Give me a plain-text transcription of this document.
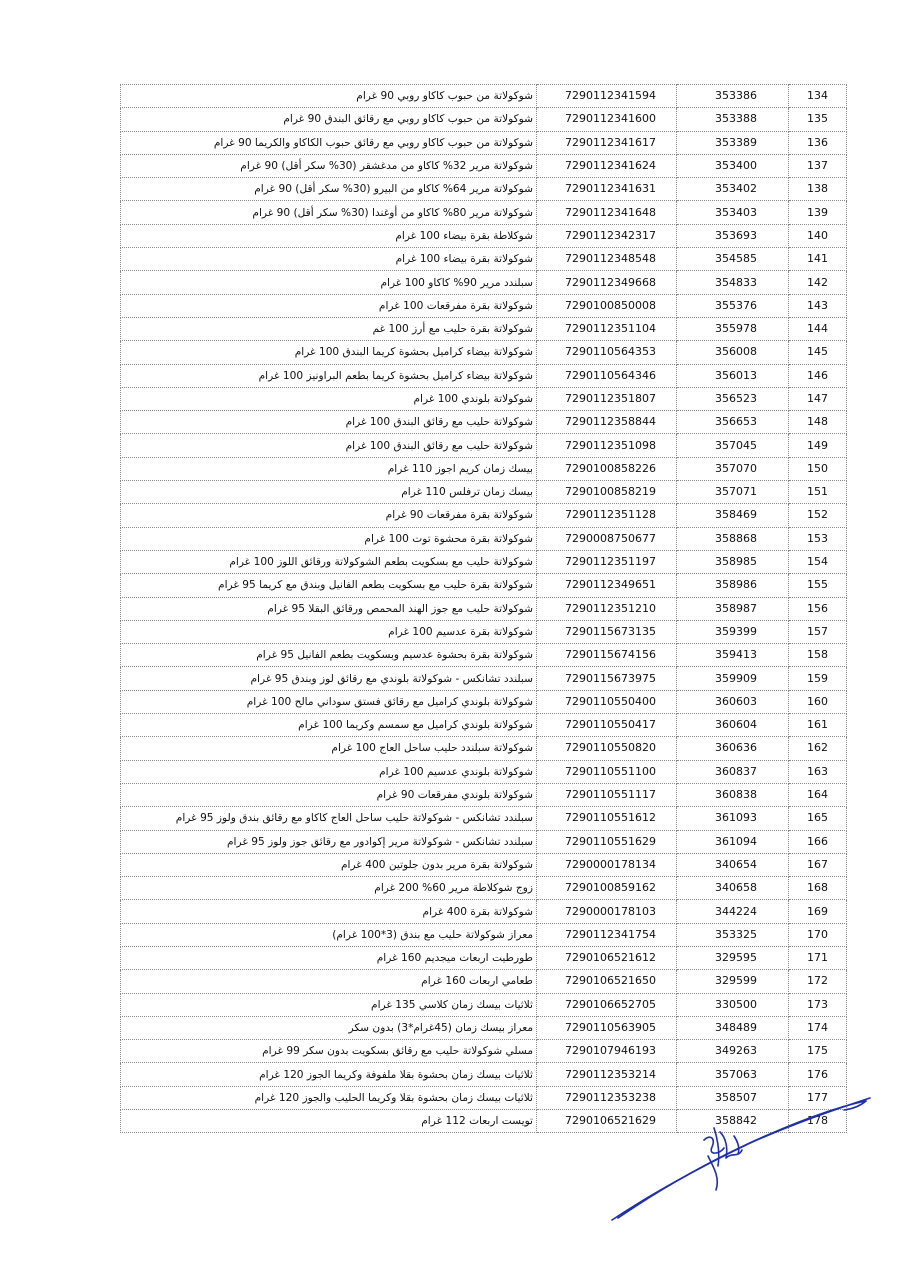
شوكولاتة من حبوب كاكاو روبي 90 غرام	7290112341594	353386	134
شوكولاتة من حبوب كاكاو روبي مع رقائق البندق 90 غرام	7290112341600	353388	135
شوكولاتة من حبوب كاكاو روبي مع رقائق حبوب الكاكاو والكريما 90 غرام	7290112341617	353389	136
شوكولاتة مرير 32% كاكاو من مدغشقر (30% سكر أقل) 90 غرام	7290112341624	353400	137
شوكولاتة مرير 64% كاكاو من البيرو (30% سكر أقل) 90 غرام	7290112341631	353402	138
شوكولاتة مرير 80% كاكاو من أوغندا (30% سكر أقل) 90 غرام	7290112341648	353403	139
شوكلاطة بقرة بيضاء 100 غرام	7290112342317	353693	140
شوكولاتة بقرة بيضاء 100 غرام	7290112348548	354585	141
سبلندد مرير 90% كاكاو 100 غرام	7290112349668	354833	142
شوكولاتة بقرة مفرقعات 100 غرام	7290100850008	355376	143
شوكولاتة بقرة حليب مع أرز 100 غم	7290112351104	355978	144
شوكولاتة بيضاء كراميل بحشوة كريما البندق 100 غرام	7290110564353	356008	145
شوكولاتة بيضاء كراميل بحشوة كريما بطعم البراونيز 100 غرام	7290110564346	356013	146
شوكولاتة بلوندي 100 غرام	7290112351807	356523	147
شوكولاتة حليب مع رقائق البندق 100 غرام	7290112358844	356653	148
شوكولاتة حليب مع رقائق البندق 100 غرام	7290112351098	357045	149
بيسك زمان كريم اجوز 110 غرام	7290100858226	357070	150
بيسك زمان ترفلس 110 غرام	7290100858219	357071	151
شوكولاتة بقرة مفرقعات 90 غرام	7290112351128	358469	152
شوكولاتة بقرة محشوة توت 100 غرام	7290008750677	358868	153
شوكولاتة حليب مع بسكويت بطعم الشوكولاتة ورقائق اللوز 100 غرام	7290112351197	358985	154
شوكولاتة بقرة حليب مع بسكويت بطعم الفانيل وبندق مع كريما 95 غرام	7290112349651	358986	155
شوكولاتة حليب مع جوز الهند المحمص ورقائق البقلا 95 غرام	7290112351210	358987	156
شوكولاتة بقرة عدسيم 100 غرام	7290115673135	359399	157
شوكولاتة بقرة بحشوة عدسيم وبسكويت بطعم الفانيل 95 غرام	7290115674156	359413	158
سبلندد تشانكس - شوكولاتة بلوندي مع رقائق لوز وبندق 95 غرام	7290115673975	359909	159
شوكولاتة بلوندي كراميل مع رقائق فستق سوداني مالح 100 غرام	7290110550400	360603	160
شوكولاتة بلوندي كراميل مع سمسم وكريما 100 غرام	7290110550417	360604	161
شوكولاتة سبلندد حليب ساحل العاج 100 غرام	7290110550820	360636	162
شوكولاتة بلوندي عدسيم 100 غرام	7290110551100	360837	163
شوكولاتة بلوندي مفرقعات 90 غرام	7290110551117	360838	164
سبلندد تشانكس - شوكولاتة حليب ساحل العاج كاكاو مع رقائق بندق ولوز 95 غرام	7290110551612	361093	165
سبلندد تشانكس - شوكولاتة مرير إكوادور مع رقائق جوز ولوز 95 غرام	7290110551629	361094	166
شوكولاتة بقرة مرير بدون جلوتين 400 غرام	7290000178134	340654	167
زوج شوكلاطة مرير 60% 200 غرام	7290100859162	340658	168
شوكولاتة بقرة 400 غرام	7290000178103	344224	169
معراز شوكولاتة حليب مع بندق (3*100 غرام)	7290112341754	353325	170
طورطيت اربعات ميجديم 160 غرام	7290106521612	329595	171
طعامي اربعات 160 غرام	7290106521650	329599	172
ثلاثيات بيسك زمان كلاسي 135 غرام	7290106652705	330500	173
معراز بيسك زمان (45غرام*3) بدون سكر	7290110563905	348489	174
مسلي شوكولاتة حليب مع رقائق بسكويت بدون سكر 99 غرام	7290107946193	349263	175
ثلاثيات بيسك زمان بحشوة بقلا ملفوفة وكريما الجوز 120 غرام	7290112353214	357063	176
ثلاثيات بيسك زمان بحشوة بقلا وكريما الحليب والجوز 120 غرام	7290112353238	358507	177
تويست اربعات 112 غرام	7290106521629	358842	178
